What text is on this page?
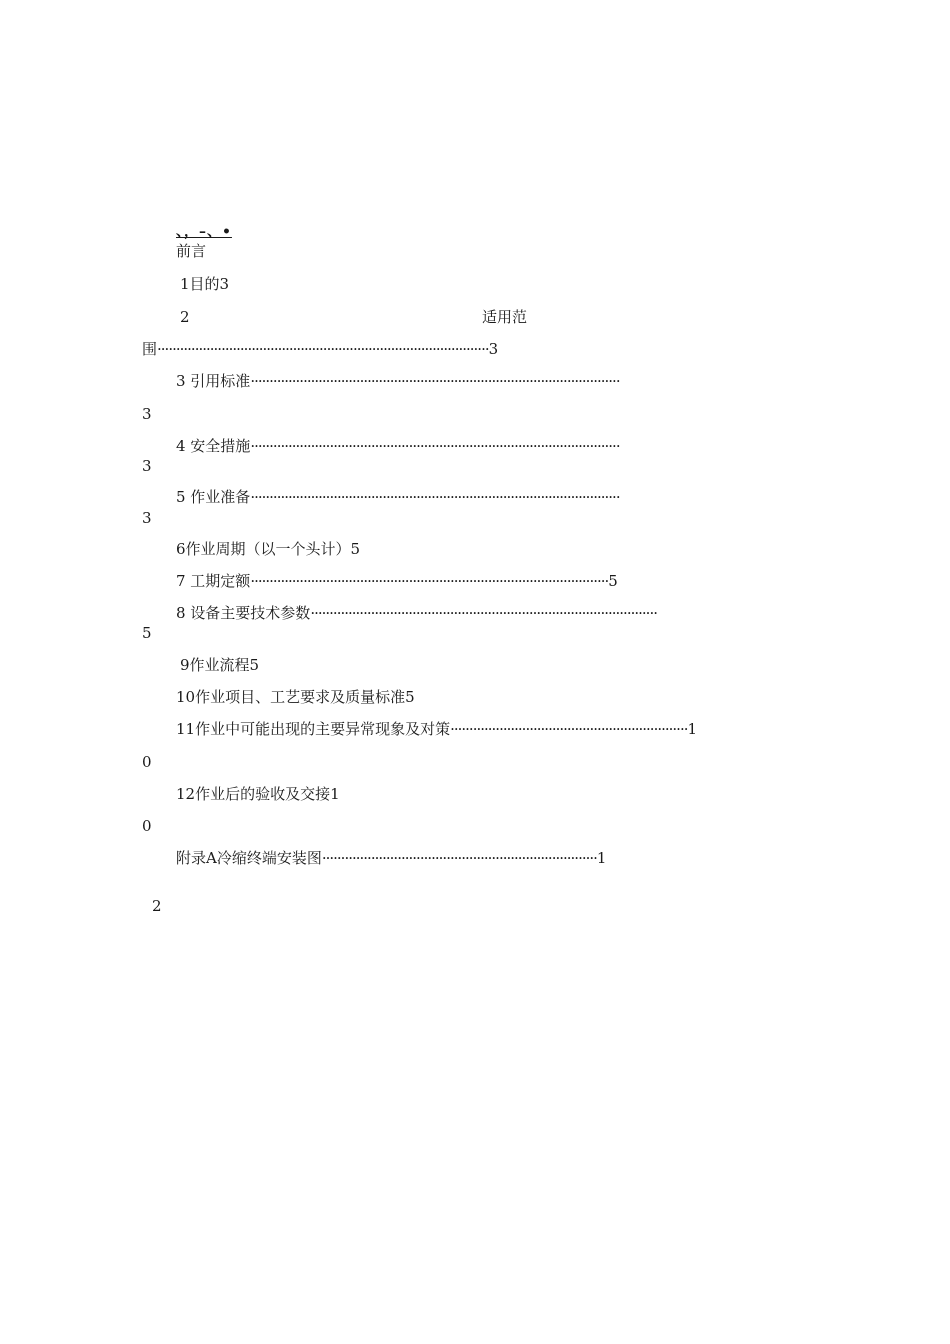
、，–、•
前言
1目的3
2	适用范
围························································································3
3 引用标准··································································································
3
4 安全措施··································································································
3
5 作业准备··································································································
3
6作业周期（以一个头计）5
7 工期定额·······························································································5
8 设备主要技术参数····························································································
5
9作业流程5
10作业项目、工艺要求及质量标准5
11作业中可能出现的主要异常现象及对策·······························································1
0
12作业后的验收及交接1
0
附录A冷缩终端安装图·········································································1
2
